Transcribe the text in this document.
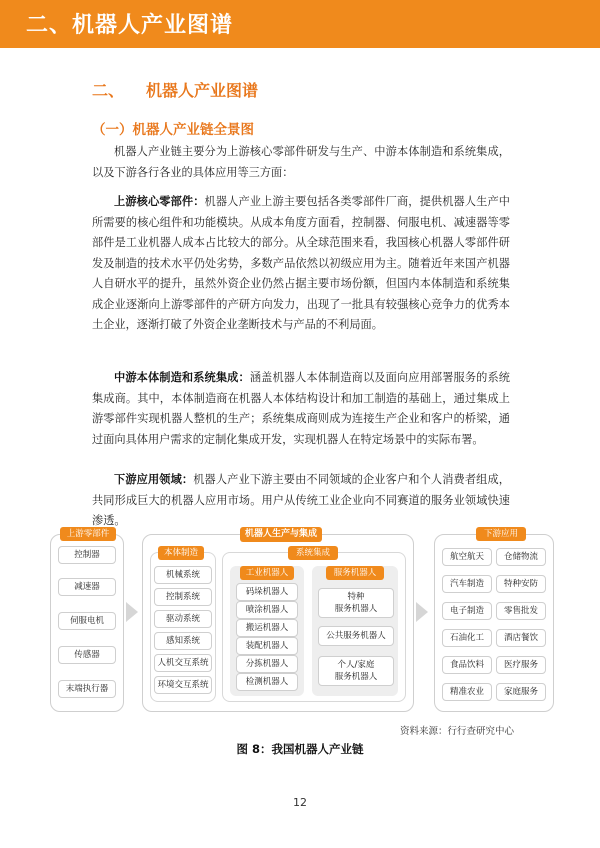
二、机器人产业图谱
二、 机器人产业图谱
（一）机器人产业链全景图
机器人产业链主要分为上游核心零部件研发与生产、中游本体制造和系统集成，以及下游各行各业的具体应用等三方面：
上游核心零部件：机器人产业上游主要包括各类零部件厂商，提供机器人生产中所需要的核心组件和功能模块。从成本角度方面看，控制器、伺服电机、减速器等零部件是工业机器人成本占比较大的部分。从全球范围来看，我国核心机器人零部件研发及制造的技术水平仍处劣势，多数产品依然以初级应用为主。随着近年来国产机器人自研水平的提升，虽然外资企业仍然占据主要市场份额，但国内本体制造和系统集成企业逐渐向上游零部件的产研方向发力，出现了一批具有较强核心竞争力的优秀本土企业，逐渐打破了外资企业垄断技术与产品的不利局面。
中游本体制造和系统集成：涵盖机器人本体制造商以及面向应用部署服务的系统集成商。其中，本体制造商在机器人本体结构设计和加工制造的基础上，通过集成上游零部件实现机器人整机的生产；系统集成商则成为连接生产企业和客户的桥梁，通过面向具体用户需求的定制化集成开发，实现机器人在特定场景中的实际布署。
下游应用领域：机器人产业下游主要由不同领域的企业客户和个人消费者组成，共同形成巨大的机器人应用市场。用户从传统工业企业向不同赛道的服务业领域快速渗透。
上游零部件
控制器
减速器
伺服电机
传感器
末端执行器
机器人生产与集成
本体制造
机械系统
控制系统
驱动系统
感知系统
人机交互系统
环境交互系统
系统集成
工业机器人
码垛机器人
喷涂机器人
搬运机器人
装配机器人
分拣机器人
检测机器人
服务机器人
特种
服务机器人
公共服务机器人
个人/家庭
服务机器人
下游应用
航空航天
汽车制造
电子制造
石油化工
食品饮料
精准农业
仓储物流
特种安防
零售批发
酒店餐饮
医疗服务
家庭服务
资料来源：行行查研究中心
图 8：我国机器人产业链
12
